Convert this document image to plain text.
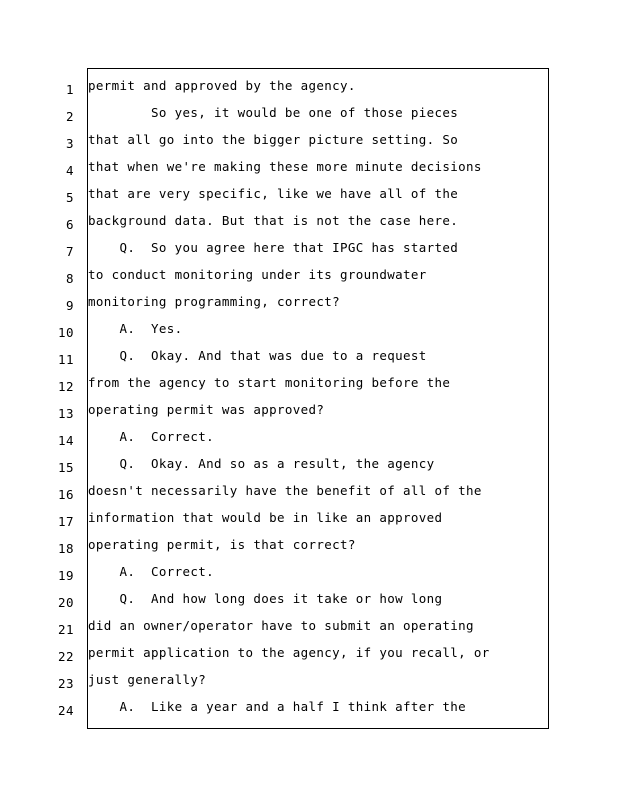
1
2
3
4
5
6
7
8
9
10
11
12
13
14
15
16
17
18
19
20
21
22
23
24
permit and approved by the agency.
So yes, it would be one of those pieces
that all go into the bigger picture setting. So
that when we're making these more minute decisions
that are very specific, like we have all of the
background data. But that is not the case here.
Q.  So you agree here that IPGC has started
to conduct monitoring under its groundwater
monitoring programming, correct?
A.  Yes.
Q.  Okay. And that was due to a request
from the agency to start monitoring before the
operating permit was approved?
A.  Correct.
Q.  Okay. And so as a result, the agency
doesn't necessarily have the benefit of all of the
information that would be in like an approved
operating permit, is that correct?
A.  Correct.
Q.  And how long does it take or how long
did an owner/operator have to submit an operating
permit application to the agency, if you recall, or
just generally?
A.  Like a year and a half I think after the
